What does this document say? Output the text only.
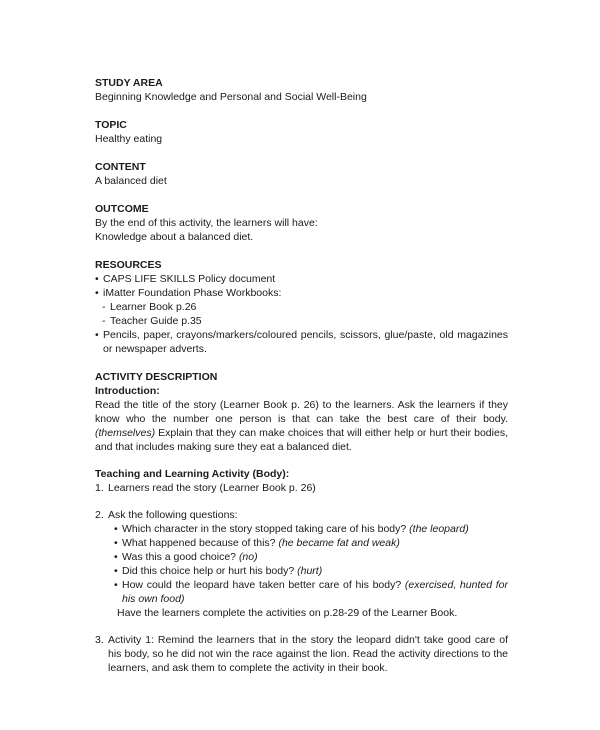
STUDY AREA

Beginning Knowledge and Personal and Social Well-Being

TOPIC

Healthy eating

CONTENT

A balanced diet

OUTCOME

By the end of this activity, the learners will have:

Knowledge about a balanced diet.

RESOURCES
• CAPS LIFE SKILLS Policy document
• iMatter Foundation Phase Workbooks:
- Learner Book p.26
- Teacher Guide p.35
• Pencils, paper, crayons/markers/coloured pencils, scissors, glue/paste, old magazines or newspaper adverts.
ACTIVITY DESCRIPTION
Introduction:

Read the title of the story (Learner Book p. 26) to the learners. Ask the learners if they know who the number one person is that can take the best care of their body. (themselves) Explain that they can make choices that will either help or hurt their bodies, and that includes making sure they eat a balanced diet.

Teaching and Learning Activity (Body):
1. Learners read the story (Learner Book p. 26)
2. Ask the following questions:

• Which character in the story stopped taking care of his body? (the leopard)
• What happened because of this? (he became fat and weak)
• Was this a good choice? (no)
• Did this choice help or hurt his body? (hurt)
• How could the leopard have taken better care of his body? (exercised, hunted for his own food)

Have the learners complete the activities on p.28-29 of the Learner Book.

3. Activity 1: Remind the learners that in the story the leopard didn't take good care of his body, so he did not win the race against the lion. Read the activity directions to the learners, and ask them to complete the activity in their book.
